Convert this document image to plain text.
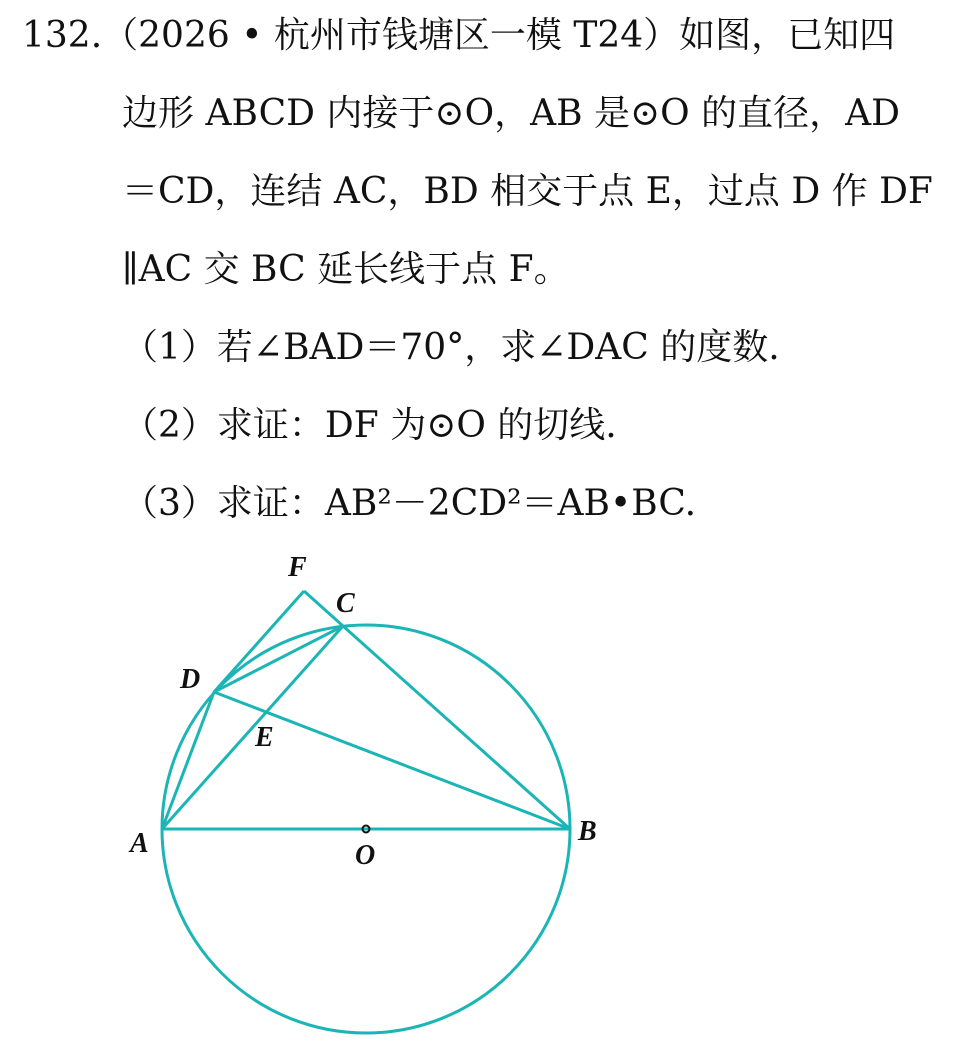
132.（2026 • 杭州市钱塘区一模 T24）如图，已知四
边形 ABCD 内接于⊙O，AB 是⊙O 的直径，AD
＝CD，连结 AC，BD 相交于点 E，过点 D 作 DF
∥AC 交 BC 延长线于点 F。
（1）若∠BAD＝70°，求∠DAC 的度数.
（2）求证：DF 为⊙O 的切线.
（3）求证：AB²－2CD²＝AB•BC.
A	B
C
D
E
F
O
